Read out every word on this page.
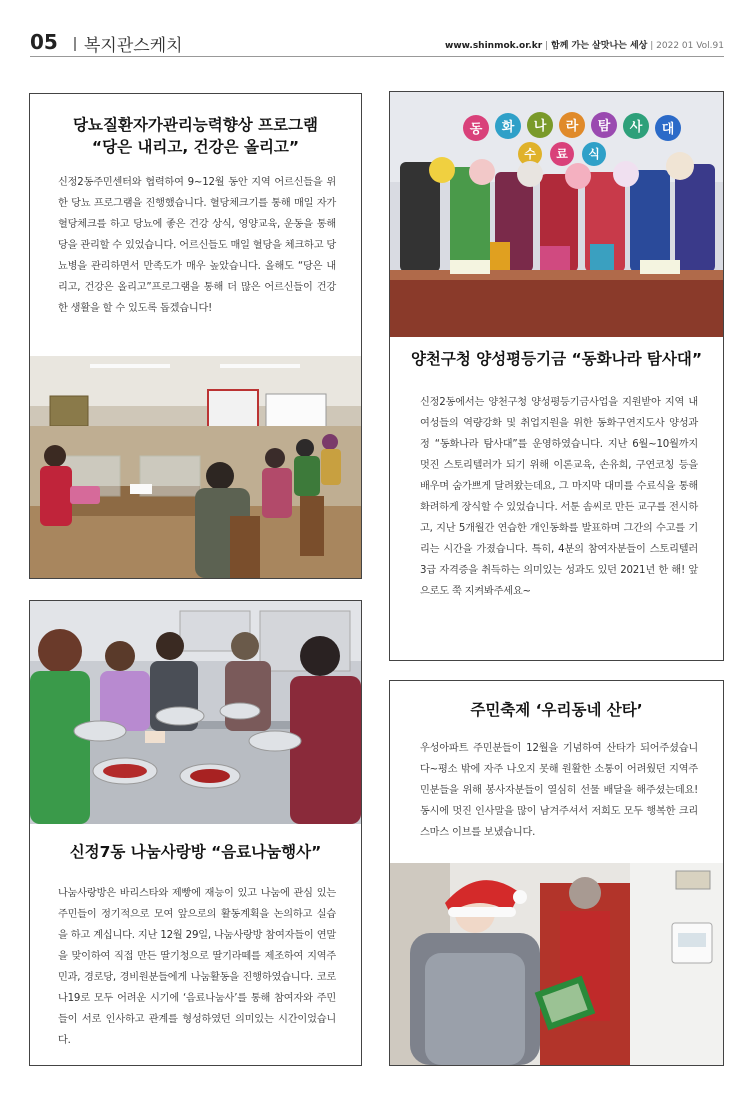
05 복지관스케치	www.shinmok.or.kr | 함께 가는 살맛나는 세상 | 2022 01 Vol.91
당뇨질환자가관리능력향상 프로그램
“당은 내리고, 건강은 올리고”

신정2동주민센터와 협력하여 9~12월 동안 지역 어르신들을 위한 당뇨 프로그램을 진행했습니다. 혈당체크기를 통해 매일 자가혈당체크를 하고 당뇨에 좋은 건강 상식, 영양교육, 운동을 통해 당을 관리할 수 있었습니다. 어르신들도 매일 혈당을 체크하고 당뇨병을 관리하면서 만족도가 매우 높았습니다. 올해도 “당은 내리고, 건강은 올리고”프로그램을 통해 더 많은 어르신들이 건강한 생활을 할 수 있도록 돕겠습니다!

동 화 나 라 탐 사 대
수 료 식
양천구청 양성평등기금 “동화나라 탐사대”

신정2동에서는 양천구청 양성평등기금사업을 지원받아 지역 내 여성들의 역량강화 및 취업지원을 위한 동화구연지도사 양성과정 “동화나라 탐사대”를 운영하였습니다. 지난 6월~10월까지 멋진 스토리텔러가 되기 위해 이론교육, 손유희, 구연코칭 등을 배우며 숨가쁘게 달려왔는데요, 그 마지막 대미를 수료식을 통해 화려하게 장식할 수 있었습니다. 서툰 솜씨로 만든 교구를 전시하고, 지난 5개월간 연습한 개인동화를 발표하며 그간의 수고를 기리는 시간을 가졌습니다. 특히, 4분의 참여자분들이 스토리텔러 3급 자격증을 취득하는 의미있는 성과도 있던 2021년 한 해! 앞으로도 쭉 지켜봐주세요~

신정7동 나눔사랑방 “음료나눔행사”

나눔사랑방은 바리스타와 제빵에 재능이 있고 나눔에 관심 있는 주민들이 정기적으로 모여 앞으로의 활동계획을 논의하고 실습을 하고 계십니다. 지난 12월 29일, 나눔사랑방 참여자들이 연말을 맞이하여 직접 만든 딸기청으로 딸기라떼를 제조하여 지역주민과, 경로당, 경비원분들에게 나눔활동을 진행하였습니다. 코로나19로 모두 어려운 시기에 ‘음료나눔사’를 통해 참여자와 주민들이 서로 인사하고 관계를 형성하였던 의미있는 시간이었습니다.

주민축제 ‘우리동네 산타’

우성아파트 주민분들이 12월을 기념하여 산타가 되어주셨습니다~평소 밖에 자주 나오지 못해 원활한 소통이 어려웠던 지역주민분들을 위해 봉사자분들이 열심히 선물 배달을 해주셨는데요! 동시에 멋진 인사말을 많이 남겨주셔서 저희도 모두 행복한 크리스마스 이브를 보냈습니다.
